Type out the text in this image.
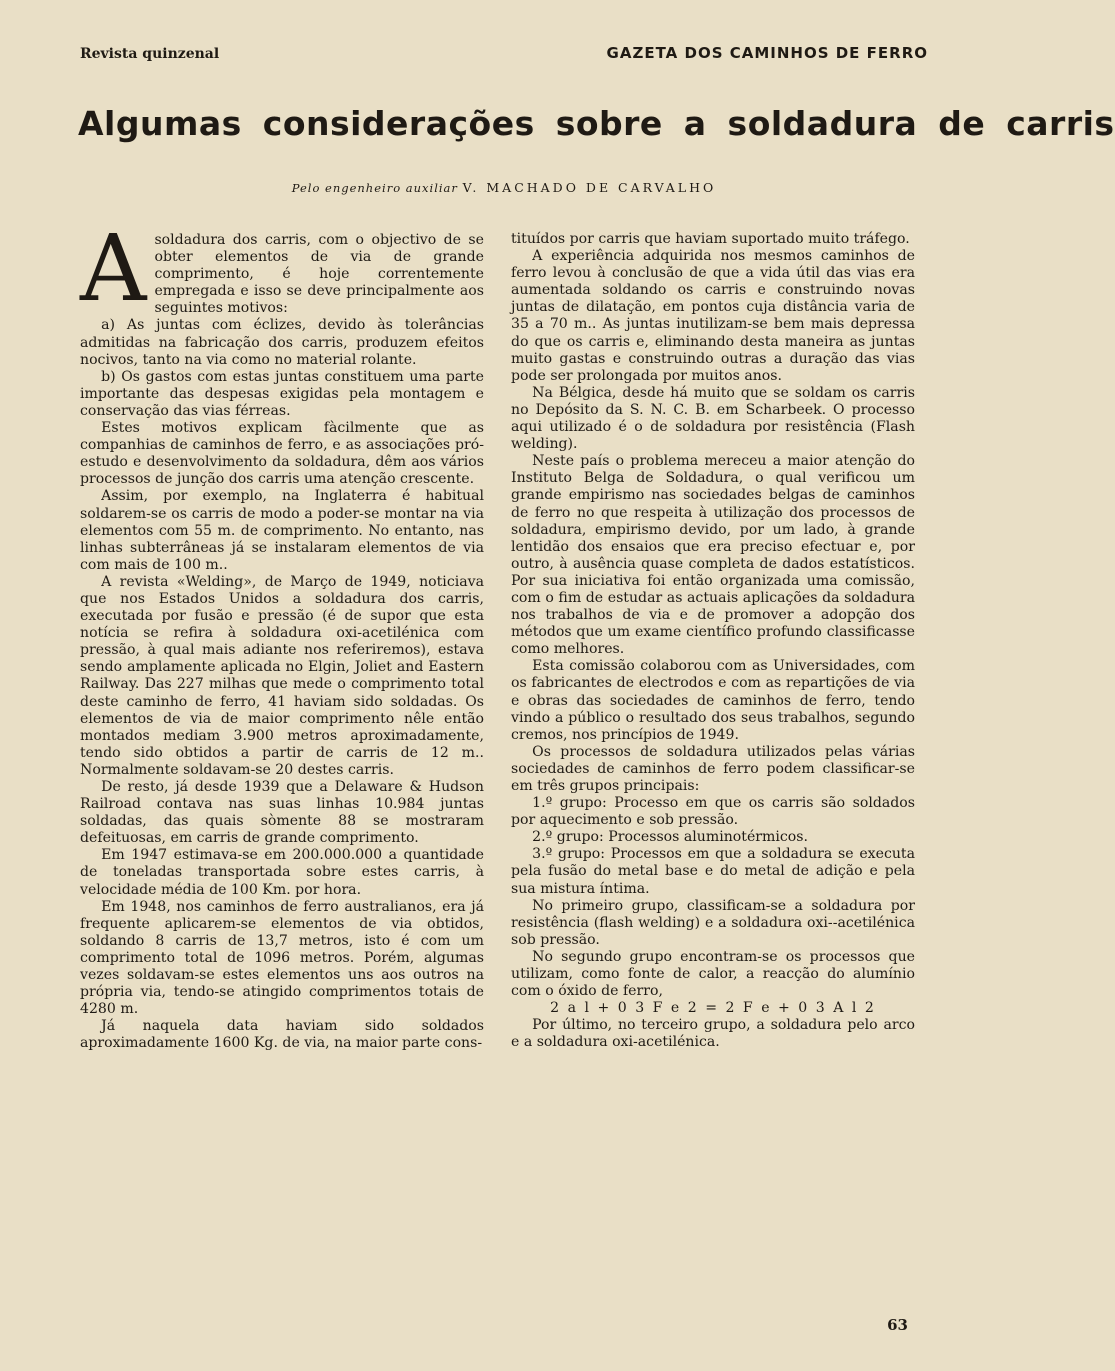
Revista quinzenal	GAZETA DOS CAMINHOS DE FERRO
Algumas considerações sobre a soldadura de carris
Pelo engenheiro auxiliar V. MACHADO DE CARVALHO

Asoldadura dos carris, com o objectivo de se obter elementos de via de grande comprimento, é hoje correntemente empregada e isso se deve principalmente aos seguintes motivos:

a) As juntas com éclizes, devido às tolerâncias admitidas na fabricação dos carris, produzem efeitos nocivos, tanto na via como no material rolante.

b) Os gastos com estas juntas constituem uma parte importante das despesas exigidas pela montagem e conservação das vias férreas.

Estes motivos explicam fàcilmente que as companhias de caminhos de ferro, e as associações pró-estudo e desenvolvimento da soldadura, dêm aos vários processos de junção dos carris uma atenção crescente.

Assim, por exemplo, na Inglaterra é habitual soldarem-se os carris de modo a poder-se montar na via elementos com 55 m. de comprimento. No entanto, nas linhas subterrâneas já se instalaram elementos de via com mais de 100 m..

A revista «Welding», de Março de 1949, noticiava que nos Estados Unidos a soldadura dos carris, executada por fusão e pressão (é de supor que esta notícia se refira à soldadura oxi-acetilénica com pressão, à qual mais adiante nos referiremos), estava sendo amplamente aplicada no Elgin, Joliet and Eastern Railway. Das 227 milhas que mede o comprimento total deste caminho de ferro, 41 haviam sido soldadas. Os elementos de via de maior comprimento nêle então montados mediam 3.900 metros aproximadamente, tendo sido obtidos a partir de carris de 12 m.. Normalmente soldavam-se 20 destes carris.

De resto, já desde 1939 que a Delaware & Hudson Railroad contava nas suas linhas 10.984 juntas soldadas, das quais sòmente 88 se mostraram defeituosas, em carris de grande comprimento.

Em 1947 estimava-se em 200.000.000 a quantidade de toneladas transportada sobre estes carris, à velocidade média de 100 Km. por hora.

Em 1948, nos caminhos de ferro australianos, era já frequente aplicarem-se elementos de via obtidos, soldando 8 carris de 13,7 metros, isto é com um comprimento total de 1096 metros. Porém, algumas vezes soldavam-se estes elementos uns aos outros na própria via, tendo-se atingido comprimentos totais de 4280 m.

Já naquela data haviam sido soldados aproximadamente 1600 Kg. de via, na maior parte cons-

tituídos por carris que haviam suportado muito tráfego.

A experiência adquirida nos mesmos caminhos de ferro levou à conclusão de que a vida útil das vias era aumentada soldando os carris e construindo novas juntas de dilatação, em pontos cuja distância varia de 35 a 70 m.. As juntas inutilizam-se bem mais depressa do que os carris e, eliminando desta maneira as juntas muito gastas e construindo outras a duração das vias pode ser prolongada por muitos anos.

Na Bélgica, desde há muito que se soldam os carris no Depósito da S. N. C. B. em Scharbeek. O processo aqui utilizado é o de soldadura por resistência (Flash welding).

Neste país o problema mereceu a maior atenção do Instituto Belga de Soldadura, o qual verificou um grande empirismo nas sociedades belgas de caminhos de ferro no que respeita à utilização dos processos de soldadura, empirismo devido, por um lado, à grande lentidão dos ensaios que era preciso efectuar e, por outro, à ausência quase completa de dados estatísticos. Por sua iniciativa foi então organizada uma comissão, com o fim de estudar as actuais aplicações da soldadura nos trabalhos de via e de promover a adopção dos métodos que um exame científico profundo classificasse como melhores.

Esta comissão colaborou com as Universidades, com os fabricantes de electrodos e com as repartições de via e obras das sociedades de caminhos de ferro, tendo vindo a público o resultado dos seus trabalhos, segundo cremos, nos princípios de 1949.

Os processos de soldadura utilizados pelas várias sociedades de caminhos de ferro podem classificar-se em três grupos principais:

1.º grupo: Processo em que os carris são soldados por aquecimento e sob pressão.

2.º grupo: Processos aluminotérmicos.

3.º grupo: Processos em que a soldadura se executa pela fusão do metal base e do metal de adição e pela sua mistura íntima.

No primeiro grupo, classificam-se a soldadura por resistência (flash welding) e a soldadura oxi--acetilénica sob pressão.

No segundo grupo encontram-se os processos que utilizam, como fonte de calor, a reacção do alumínio com o óxido de ferro,

2 a l + 0 3 F e 2 = 2 F e + 0 3 A l 2

Por último, no terceiro grupo, a soldadura pelo arco e a soldadura oxi-acetilénica.

63
